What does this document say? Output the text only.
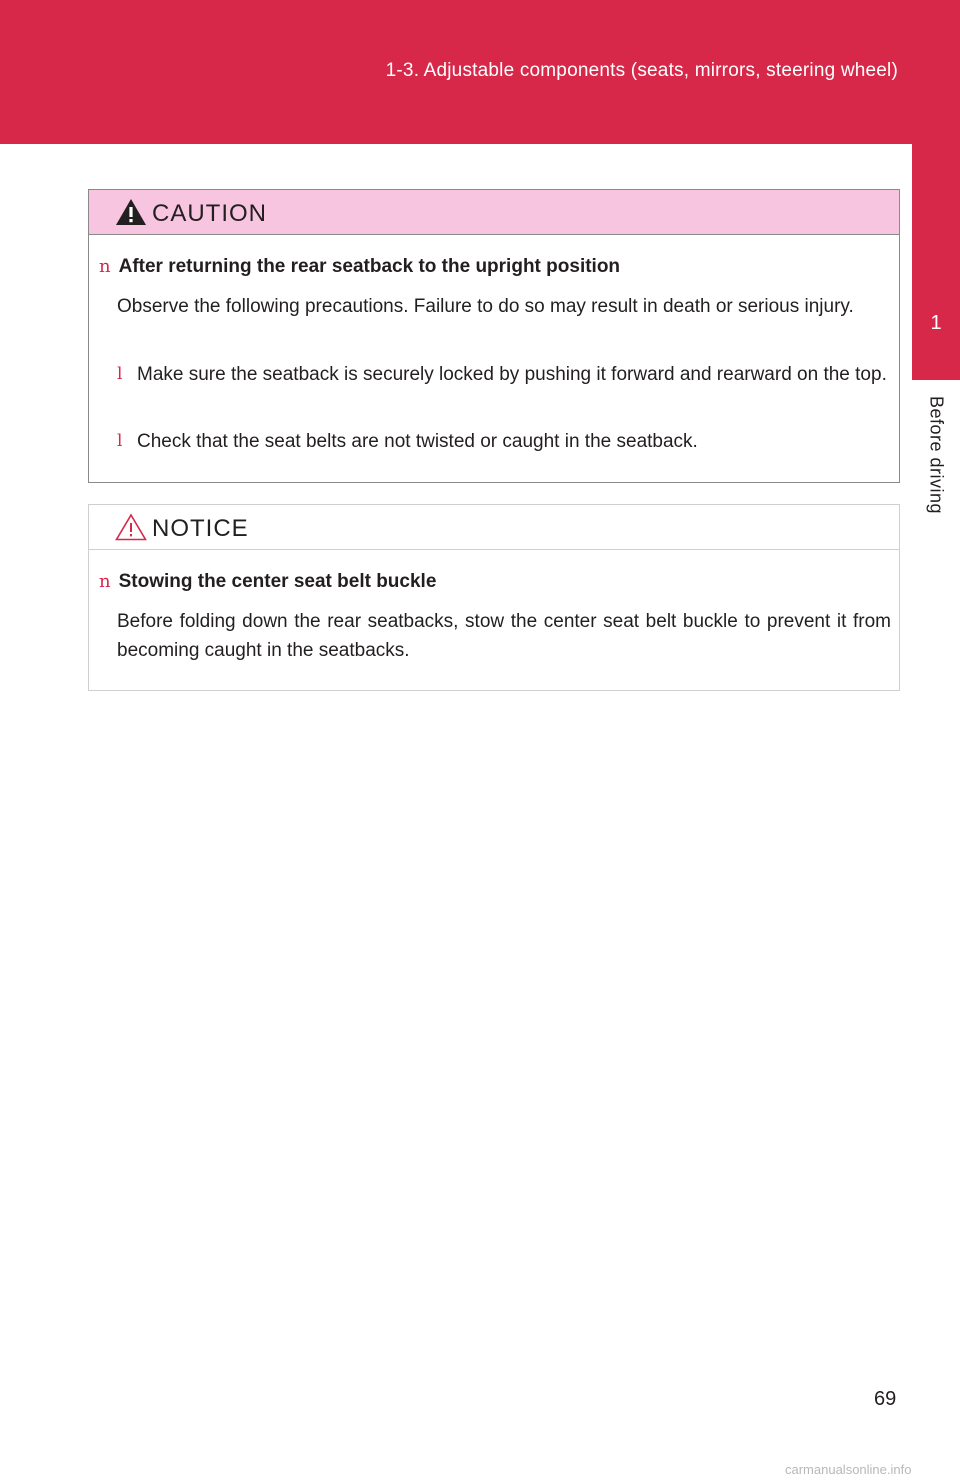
1-3. Adjustable components (seats, mirrors, steering wheel)
1
Before driving
CAUTION
n After returning the rear seatback to the upright position
Observe the following precautions. Failure to do so may result in death or serious injury.
l Make sure the seatback is securely locked by pushing it forward and rearward on the top.
l Check that the seat belts are not twisted or caught in the seatback.
NOTICE
n Stowing the center seat belt buckle
Before folding down the rear seatbacks, stow the center seat belt buckle to prevent it from becoming caught in the seatbacks.
69
carmanualsonline.info
